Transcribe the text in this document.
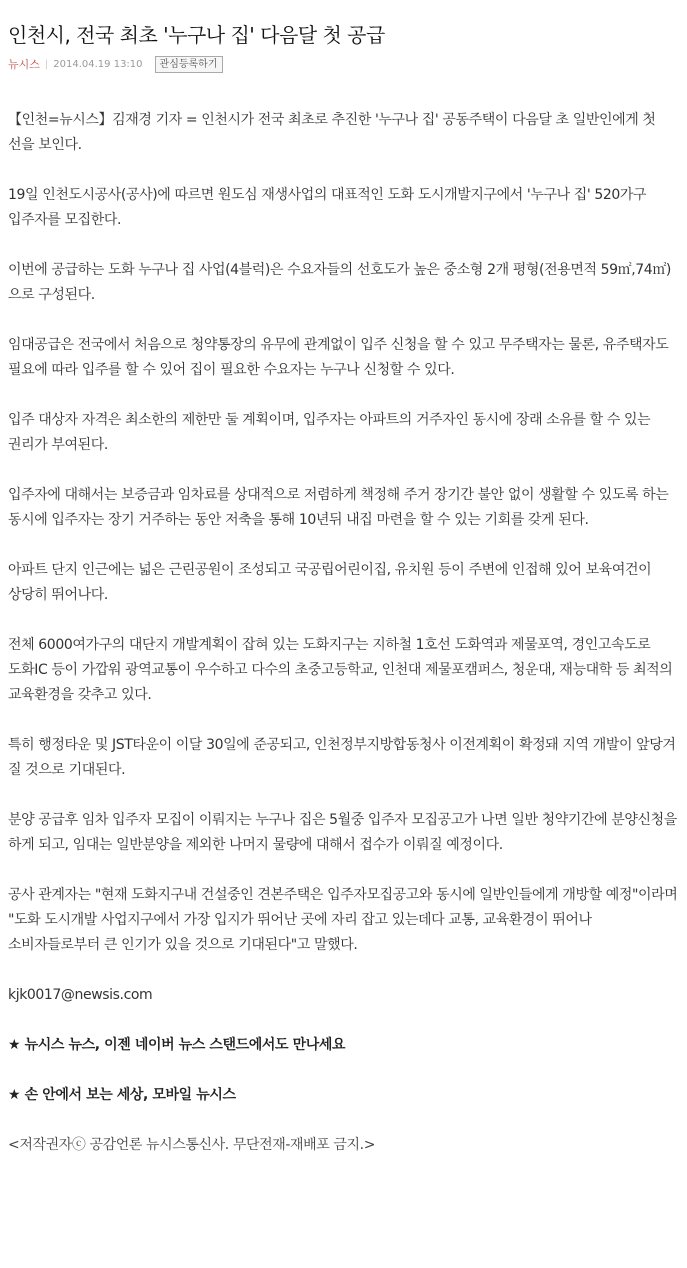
인천시, 전국 최초 '누구나 집' 다음달 첫 공급
뉴시스 | 2014.04.19 13:10	관심등록하기

【인천=뉴시스】김재경 기자 = 인천시가 전국 최초로 추진한 '누구나 집' 공동주택이 다음달 초 일반인에게 첫 선을 보인다.

19일 인천도시공사(공사)에 따르면 원도심 재생사업의 대표적인 도화 도시개발지구에서 '누구나 집' 520가구 입주자를 모집한다.

이번에 공급하는 도화 누구나 집 사업(4블럭)은 수요자들의 선호도가 높은 중소형 2개 평형(전용면적 59㎡,74㎡)으로 구성된다.

임대공급은 전국에서 처음으로 청약통장의 유무에 관계없이 입주 신청을 할 수 있고 무주택자는 물론, 유주택자도 필요에 따라 입주를 할 수 있어 집이 필요한 수요자는 누구나 신청할 수 있다.

입주 대상자 자격은 최소한의 제한만 둘 계획이며, 입주자는 아파트의 거주자인 동시에 장래 소유를 할 수 있는 권리가 부여된다.

입주자에 대해서는 보증금과 임차료를 상대적으로 저렴하게 책정해 주거 장기간 불안 없이 생활할 수 있도록 하는 동시에 입주자는 장기 거주하는 동안 저축을 통해 10년뒤 내집 마련을 할 수 있는 기회를 갖게 된다.

아파트 단지 인근에는 넓은 근린공원이 조성되고 국공립어린이집, 유치원 등이 주변에 인접해 있어 보육여건이 상당히 뛰어나다.

전체 6000여가구의 대단지 개발계획이 잡혀 있는 도화지구는 지하철 1호선 도화역과 제물포역, 경인고속도로 도화IC 등이 가깝워 광역교통이 우수하고 다수의 초중고등학교, 인천대 제물포캠퍼스, 청운대, 재능대학 등 최적의 교육환경을 갖추고 있다.

특히 행정타운 및 JST타운이 이달 30일에 준공되고, 인천정부지방합동청사 이전계획이 확정돼 지역 개발이 앞당겨 질 것으로 기대된다.

분양 공급후 임차 입주자 모집이 이뤄지는 누구나 집은 5월중 입주자 모집공고가 나면 일반 청약기간에 분양신청을 하게 되고, 임대는 일반분양을 제외한 나머지 물량에 대해서 접수가 이뤄질 예정이다.

공사 관계자는 "현재 도화지구내 건설중인 견본주택은 입주자모집공고와 동시에 일반인들에게 개방할 예정"이라며 "도화 도시개발 사업지구에서 가장 입지가 뛰어난 곳에 자리 잡고 있는데다 교통, 교육환경이 뛰어나 소비자들로부터 큰 인기가 있을 것으로 기대된다"고 말했다.

kjk0017@newsis.com

★ 뉴시스 뉴스, 이젠 네이버 뉴스 스탠드에서도 만나세요

★ 손 안에서 보는 세상, 모바일 뉴시스

<저작권자ⓒ 공감언론 뉴시스통신사. 무단전재-재배포 금지.>
